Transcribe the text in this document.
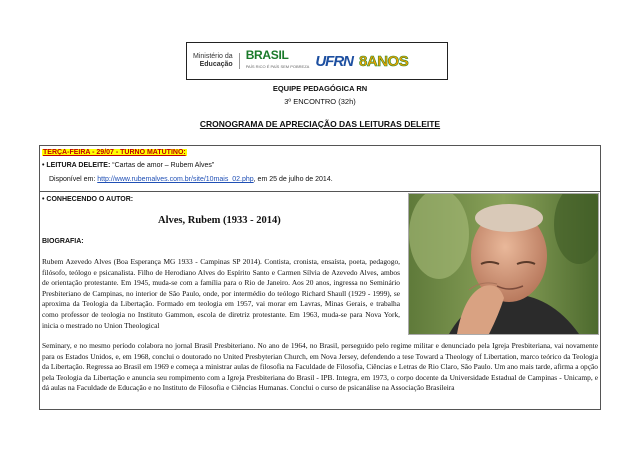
Ministério da
Educação
BRASIL
PAÍS RICO É PAÍS SEM POBREZA UFRN 8ANOS
EQUIPE PEDAGÓGICA RN
3º ENCONTRO (32h)
CRONOGRAMA DE APRECIAÇÃO DAS LEITURAS DELEITE
TERÇA-FEIRA - 29/07 - TURNO MATUTINO:
• LEITURA DELEITE: “Cartas de amor – Rubem Alves”
Disponível em: http://www.rubemalves.com.br/site/10mais_02.php, em 25 de julho de 2014.
• CONHECENDO O AUTOR:
Alves, Rubem (1933 - 2014)
BIOGRAFIA:
Rubem Azevedo Alves (Boa Esperança MG 1933 - Campinas SP 2014). Contista, cronista, ensaísta, poeta, pedagogo, filósofo, teólogo e psicanalista. Filho de Herodiano Alves do Espírito Santo e Carmen Sílvia de Azevedo Alves, ambos de orientação protestante. Em 1945, muda-se com a família para o Rio de Janeiro. Aos 20 anos, ingressa no Seminário Presbiteriano de Campinas, no interior de São Paulo, onde, por intermédio do teólogo Richard Shaull (1929 - 1999), se aproxima da Teologia da Libertação. Formado em teologia em 1957, vai morar em Lavras, Minas Gerais, e trabalha como professor de teologia no Instituto Gammon, escola de diretriz protestante. Em 1963, muda-se para Nova York, inicia o mestrado no Union Theological
Seminary, e no mesmo período colabora no jornal Brasil Presbiteriano. No ano de 1964, no Brasil, perseguido pelo regime militar e denunciado pela Igreja Presbiteriana, vai novamente para os Estados Unidos, e, em 1968, conclui o doutorado no United Presbyterian Church, em Nova Jersey, defendendo a tese Toward a Theology of Libertation, marco teórico da Teologia da Libertação. Regressa ao Brasil em 1969 e começa a ministrar aulas de filosofia na Faculdade de Filosofia, Ciências e Letras de Rio Claro, São Paulo. Um ano mais tarde, afirma a opção pela Teologia da Libertação e anuncia seu rompimento com a Igreja Presbiteriana do Brasil - IPB. Integra, em 1973, o corpo docente da Universidade Estadual de Campinas - Unicamp, e dá aulas na Faculdade de Educação e no Instituto de Filosofia e Ciências Humanas. Conclui o curso de psicanálise na Associação Brasileira
